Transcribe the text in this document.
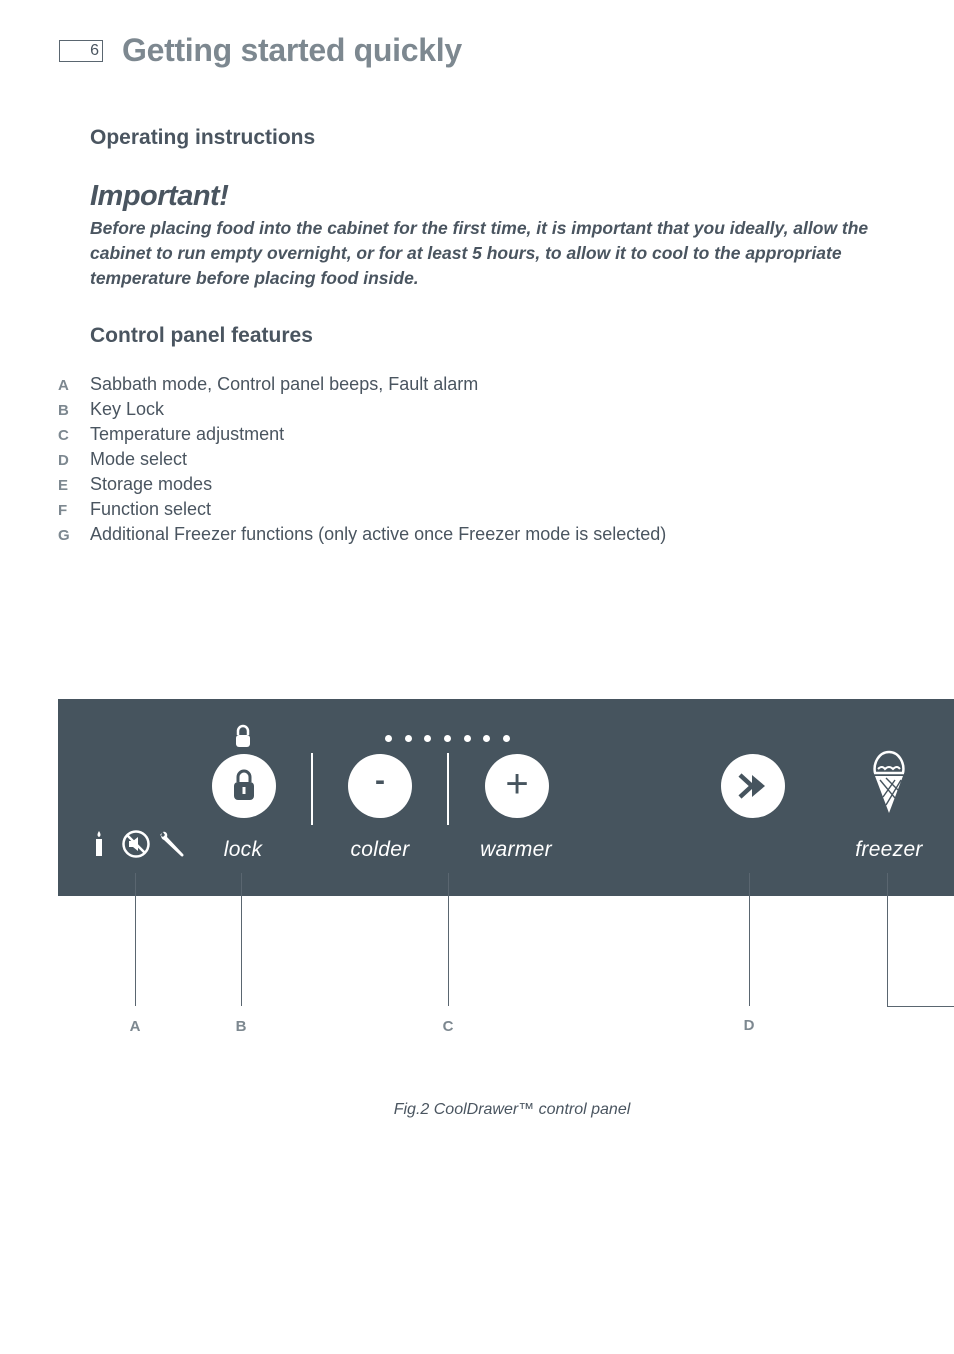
6 Getting started quickly
Operating instructions
Important!
Before placing food into the cabinet for the first time, it is important that you ideally, allow the cabinet to run empty overnight, or for at least 5 hours, to allow it to cool to the appropriate temperature before placing food inside.
Control panel features
A Sabbath mode, Control panel beeps, Fault alarm
B Key Lock
C Temperature adjustment
D Mode select
E Storage modes
F Function select
G Additional Freezer functions (only active once Freezer mode is selected)
lock
-
colder
+
warmer	freezer
A	B	C	D
Fig.2 CoolDrawer™ control panel
